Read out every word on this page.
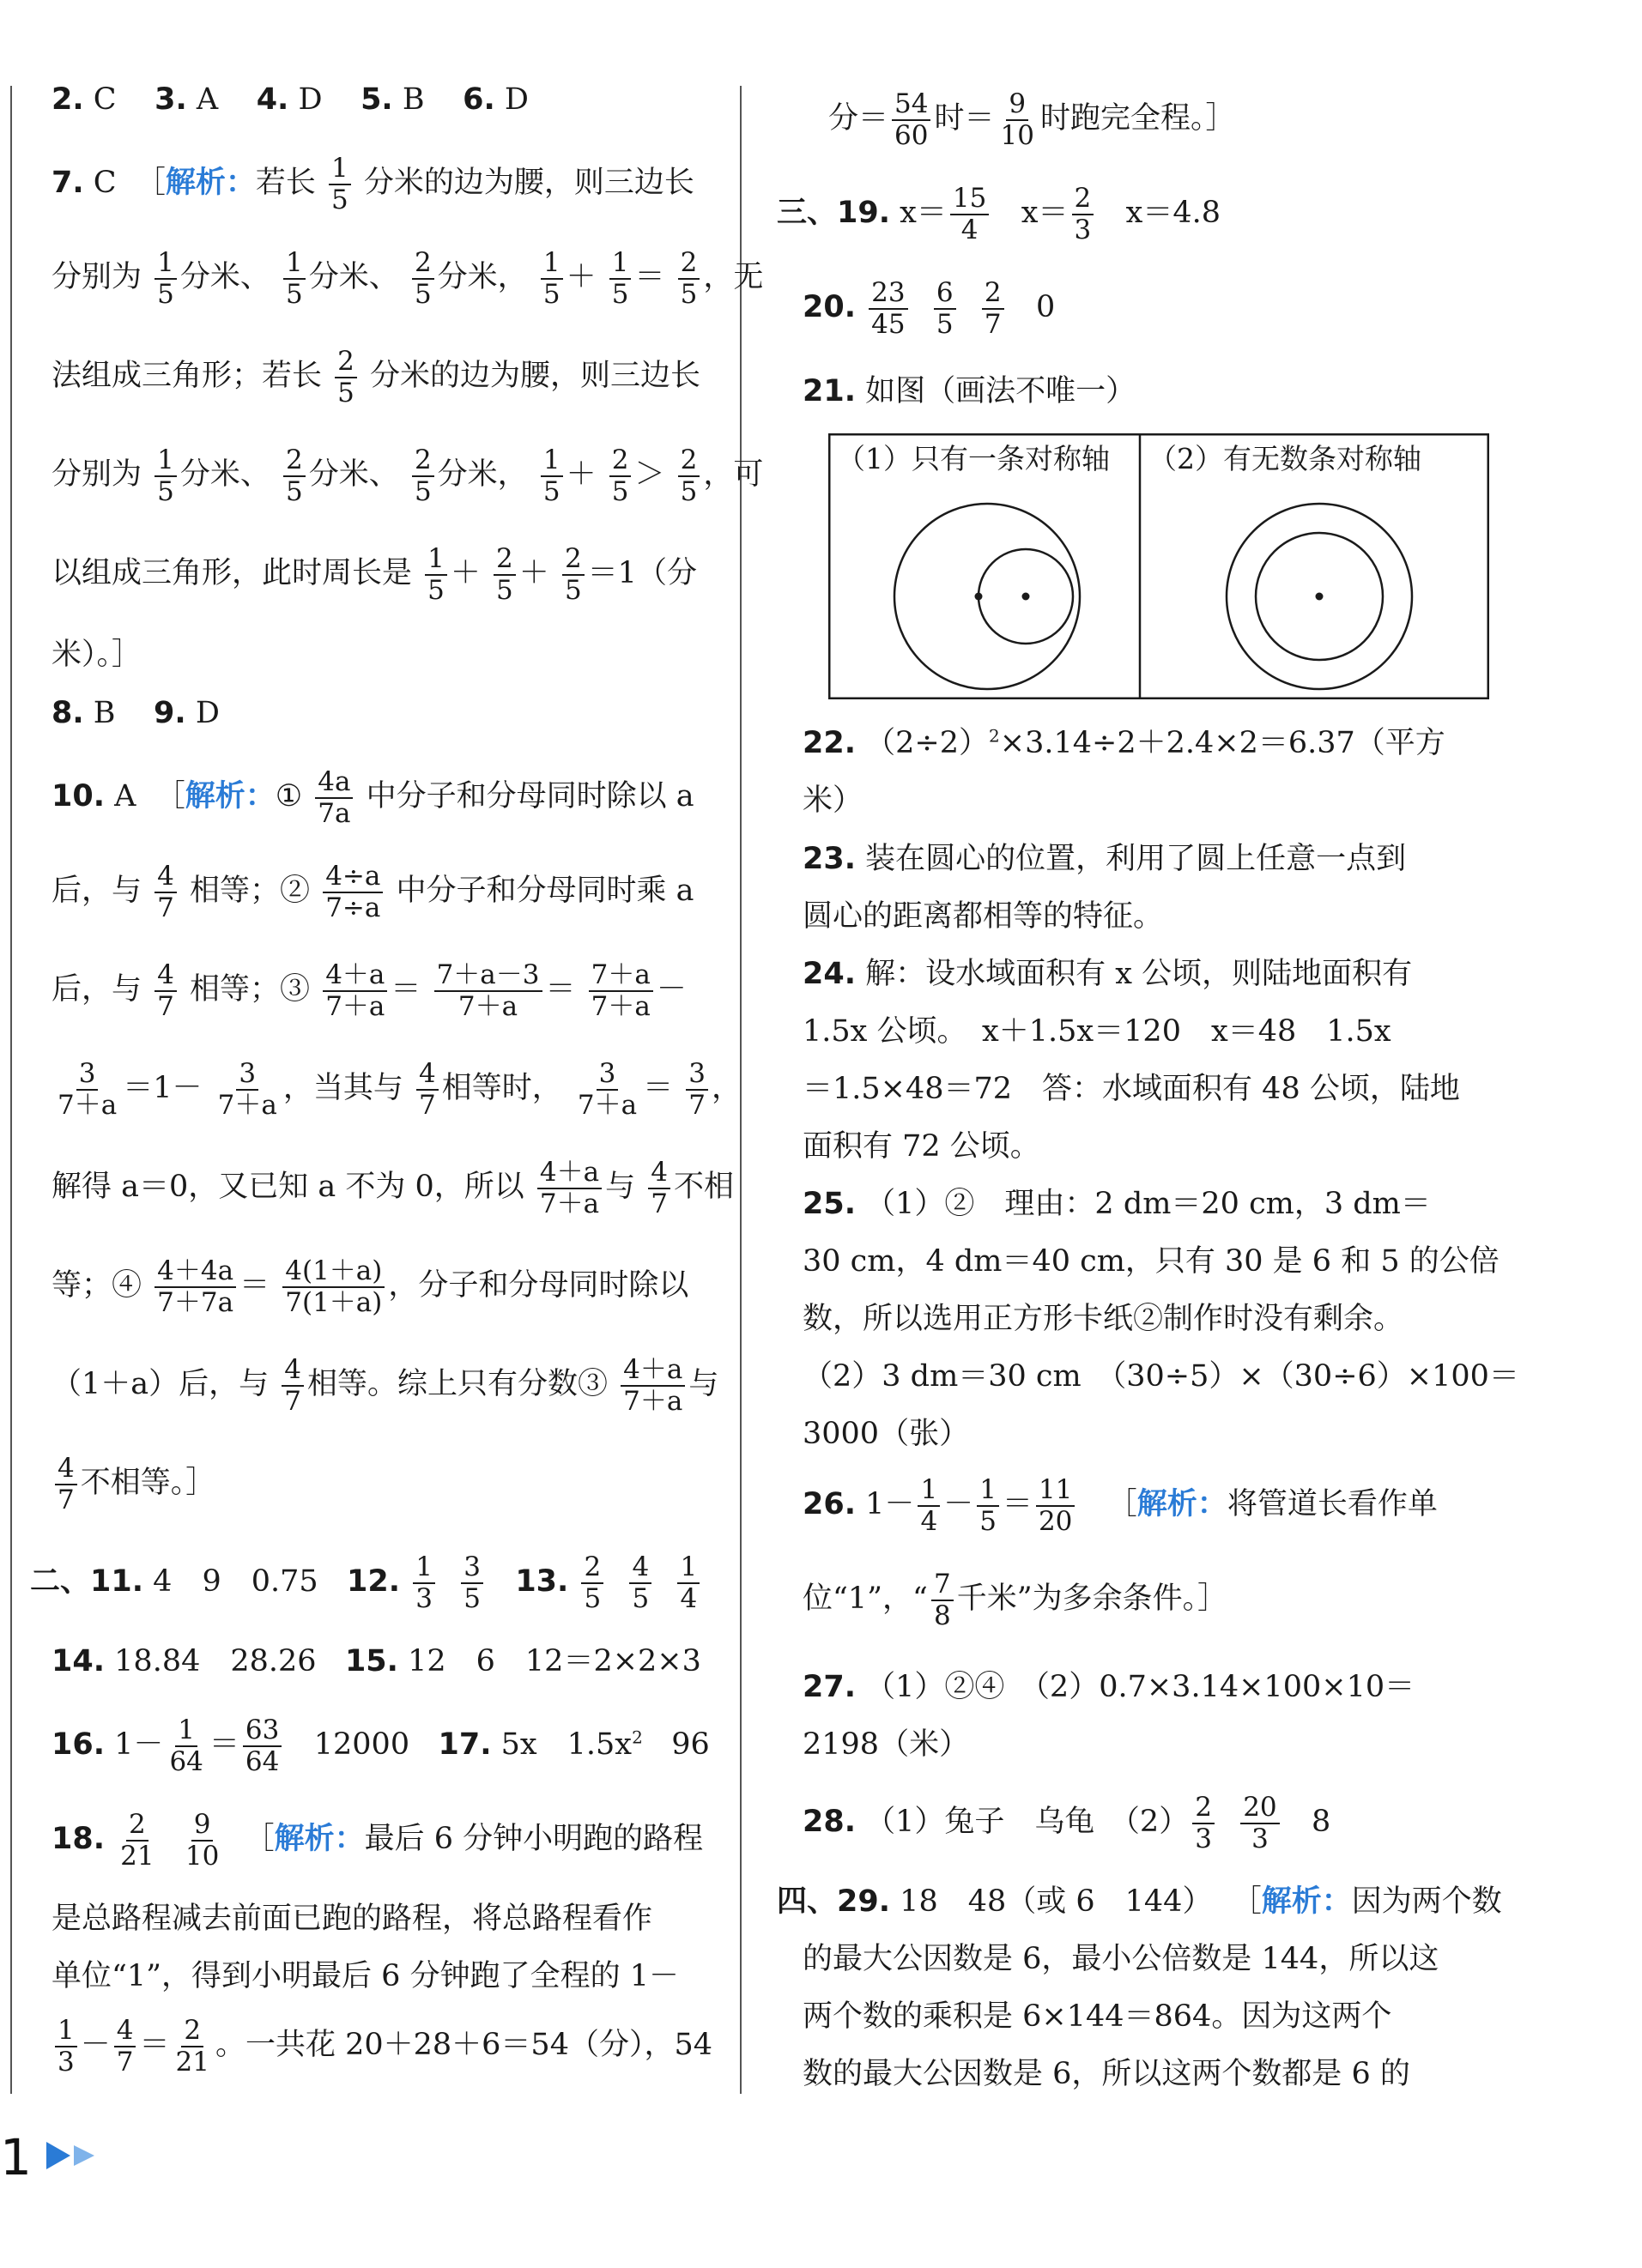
2. C 3. A 4. D 5. B 6. D
7. C ［解析：若长 $\frac{1}{5}$ 分米的边为腰，则三边长
分别为 $\frac{1}{5}$ 分米、 $\frac{1}{5}$ 分米、 $\frac{2}{5}$ 分米， $\frac{1}{5} + \frac{1}{5} = \frac{2}{5}$ ，无
法组成三角形；若长 $\frac{2}{5}$ 分米的边为腰，则三边长
分别为 $\frac{1}{5}$ 分米、 $\frac{2}{5}$ 分米、 $\frac{2}{5}$ 分米， $\frac{1}{5} + \frac{2}{5} > \frac{2}{5}$ ，可
以组成三角形，此时周长是 $\frac{1}{5} + \frac{2}{5} + \frac{2}{5} =1$（分
米）。］
8. B 9. D
10. A ［解析：① $\frac{4a}{7a}$ 中分子和分母同时除以 a
后，与 $\frac{4}{7}$ 相等；② $\frac{4\div a}{7\div a}$ 中分子和分母同时乘 a
后，与 $\frac{4}{7}$ 相等；③ $\frac{4+a}{7+a} = \frac{7+a-3}{7+a} = \frac{7+a}{7+a}$ －
$\frac{3}{7+a} =1- \frac{3}{7+a}$ ，当其与 $\frac{4}{7}$ 相等时， $\frac{3}{7+a} = \frac{3}{7}$ ，
解得 a＝0，又已知 a 不为 0，所以 $\frac{4+a}{7+a}$ 与 $\frac{4}{7}$ 不相
等；④ $\frac{4+4a}{7+7a} = \frac{4(1+a)}{7(1+a)}$ ，分子和分母同时除以
（1＋a）后，与 $\frac{4}{7}$ 相等。综上只有分数③ $\frac{4+a}{7+a}$ 与
$\frac{4}{7}$ 不相等。］
二、11. 4　9　0.75 12. $\frac{1}{3}$
$\frac{3}{5} 13$. $\frac{2}{5}$
$\frac{4}{5}$
$\frac{1}{4}$
14. 18.84　28.26 15. 12　6　12＝2×2×3
16. $1- \frac{1}{64} = \frac{63}{64} 12000$ 17. 5x　$1.5x^2$ 96
18. $\frac{2}{21}$
$\frac{9}{10}$ ［解析：最后 6 分钟小明跑的路程
是总路程减去前面已跑的路程，将总路程看作
单位“1”，得到小明最后 6 分钟跑了全程的 1－
$\frac{1}{3} - \frac{4}{7} = \frac{2}{21}$ 。一共花 20＋28＋6＝54（分），54
分＝ $\frac{54}{60}$ 时＝ $\frac{9}{10}$ 时跑完全程。］
三、19. $x= \frac{15}{4} x= \frac{2}{3} x=4.8$
20. $\frac{23}{45}$
$\frac{6}{5}$
$\frac{2}{7} 0$
21. 如图（画法不唯一）
（1）只有一条对称轴 （2）有无数条对称轴
22. $(2\div 2)^2\times 3.14\div 2+2.4\times 2=6.37$（平方
米）
23. 装在圆心的位置，利用了圆上任意一点到
圆心的距离都相等的特征。
24. 解：设水域面积有 x 公顷，则陆地面积有
1.5x 公顷。　x＋1.5x＝120　x＝48　1.5x
＝1.5×48＝72　答：水域面积有 48 公顷，陆地
面积有 72 公顷。
25. （1）②　理由：2 dm＝20 cm，3 dm＝
30 cm，4 dm＝40 cm，只有 30 是 6 和 5 的公倍
数，所以选用正方形卡纸②制作时没有剩余。
（2）3 dm＝30 cm　（30÷5）×（30÷6）×100＝
3000（张）
26. $1- \frac{1}{4} - \frac{1}{5} = \frac{11}{20}$ ［解析：将管道长看作单
位“1”，“ $\frac{7}{8}$ 千米”为多余条件。］
27. （1）②④　（2）0.7×3.14×100×10＝
2198（米）
28. （1）兔子　乌龟　$(2) \frac{2}{3}$
$\frac{20}{3} 8$
四、29. 18　48（或 6　144） ［解析：因为两个数
的最大公因数是 6，最小公倍数是 144，所以这
两个数的乘积是 6×144＝864。因为这两个
数的最大公因数是 6，所以这两个数都是 6 的
1
